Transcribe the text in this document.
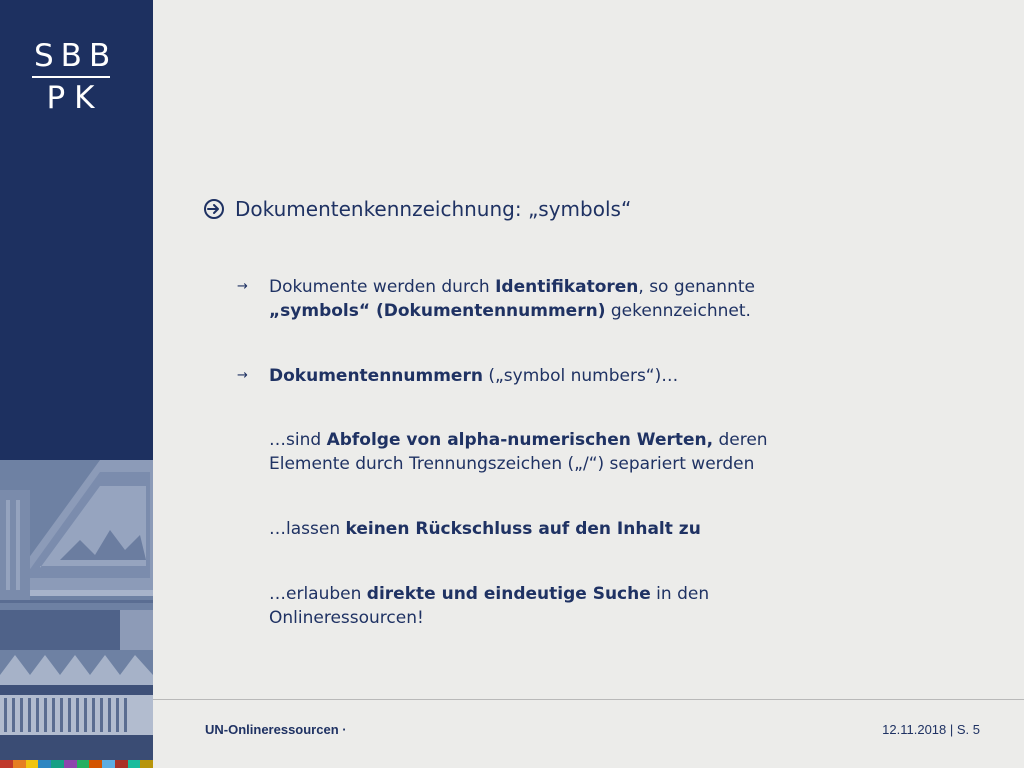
SBB
PK
Dokumentenkennzeichnung: „symbols“
→ Dokumente werden durch Identifikatoren, so genannte
„symbols“ (Dokumentennummern) gekennzeichnet.
→ Dokumentennummern („symbol numbers“)…
…sind Abfolge von alpha-numerischen Werten, deren
Elemente durch Trennungszeichen („/“) separiert werden
…lassen keinen Rückschluss auf den Inhalt zu
…erlauben direkte und eindeutige Suche in den
Onlineressourcen!
UN-Onlineressourcen ·	12.11.2018 | S. 5
